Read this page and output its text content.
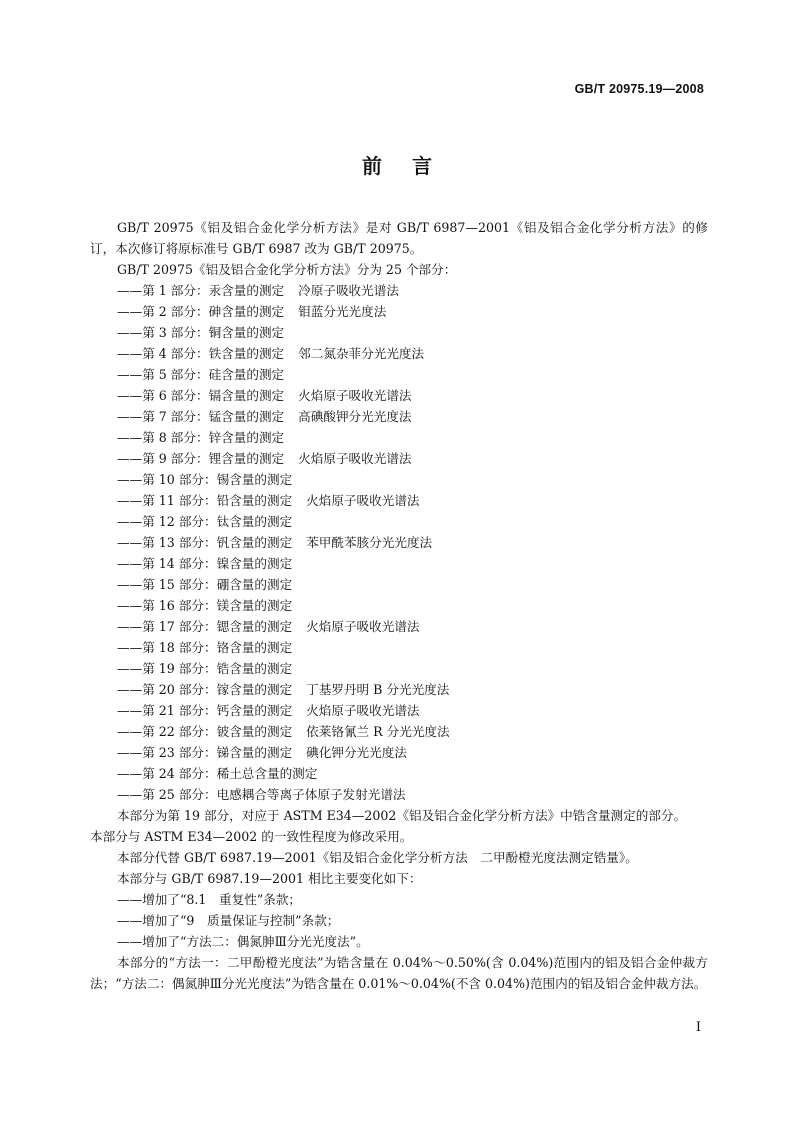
GB/T 20975.19—2008
前言

GB/T 20975《铝及铝合金化学分析方法》是对 GB/T 6987—2001《铝及铝合金化学分析方法》的修订，本次修订将原标准号 GB/T 6987 改为 GB/T 20975。

GB/T 20975《铝及铝合金化学分析方法》分为 25 个部分：

——第 1 部分：汞含量的测定 冷原子吸收光谱法
——第 2 部分：砷含量的测定 钼蓝分光光度法
——第 3 部分：铜含量的测定
——第 4 部分：铁含量的测定 邻二氮杂菲分光光度法
——第 5 部分：硅含量的测定
——第 6 部分：镉含量的测定 火焰原子吸收光谱法
——第 7 部分：锰含量的测定 高碘酸钾分光光度法
——第 8 部分：锌含量的测定
——第 9 部分：锂含量的测定 火焰原子吸收光谱法
——第 10 部分：锡含量的测定
——第 11 部分：铅含量的测定 火焰原子吸收光谱法
——第 12 部分：钛含量的测定
——第 13 部分：钒含量的测定 苯甲酰苯胲分光光度法
——第 14 部分：镍含量的测定
——第 15 部分：硼含量的测定
——第 16 部分：镁含量的测定
——第 17 部分：锶含量的测定 火焰原子吸收光谱法
——第 18 部分：铬含量的测定
——第 19 部分：锆含量的测定
——第 20 部分：镓含量的测定 丁基罗丹明 B 分光光度法
——第 21 部分：钙含量的测定 火焰原子吸收光谱法
——第 22 部分：铍含量的测定 依莱铬氰兰 R 分光光度法
——第 23 部分：锑含量的测定 碘化钾分光光度法
——第 24 部分：稀土总含量的测定
——第 25 部分：电感耦合等离子体原子发射光谱法

本部分为第 19 部分，对应于 ASTM E34—2002《铝及铝合金化学分析方法》中锆含量测定的部分。

本部分与 ASTM E34—2002 的一致性程度为修改采用。

本部分代替 GB/T 6987.19—2001《铝及铝合金化学分析方法　二甲酚橙光度法测定锆量》。

本部分与 GB/T 6987.19—2001 相比主要变化如下：

——增加了“8.1　重复性”条款；
——增加了“9　质量保证与控制”条款；
——增加了“方法二：偶氮胂Ⅲ分光光度法”。

本部分的“方法一：二甲酚橙光度法”为锆含量在 0.04%～0.50%(含 0.04%)范围内的铝及铝合金仲裁方法；“方法二：偶氮胂Ⅲ分光光度法”为锆含量在 0.01%～0.04%(不含 0.04%)范围内的铝及铝合金仲裁方法。

I
